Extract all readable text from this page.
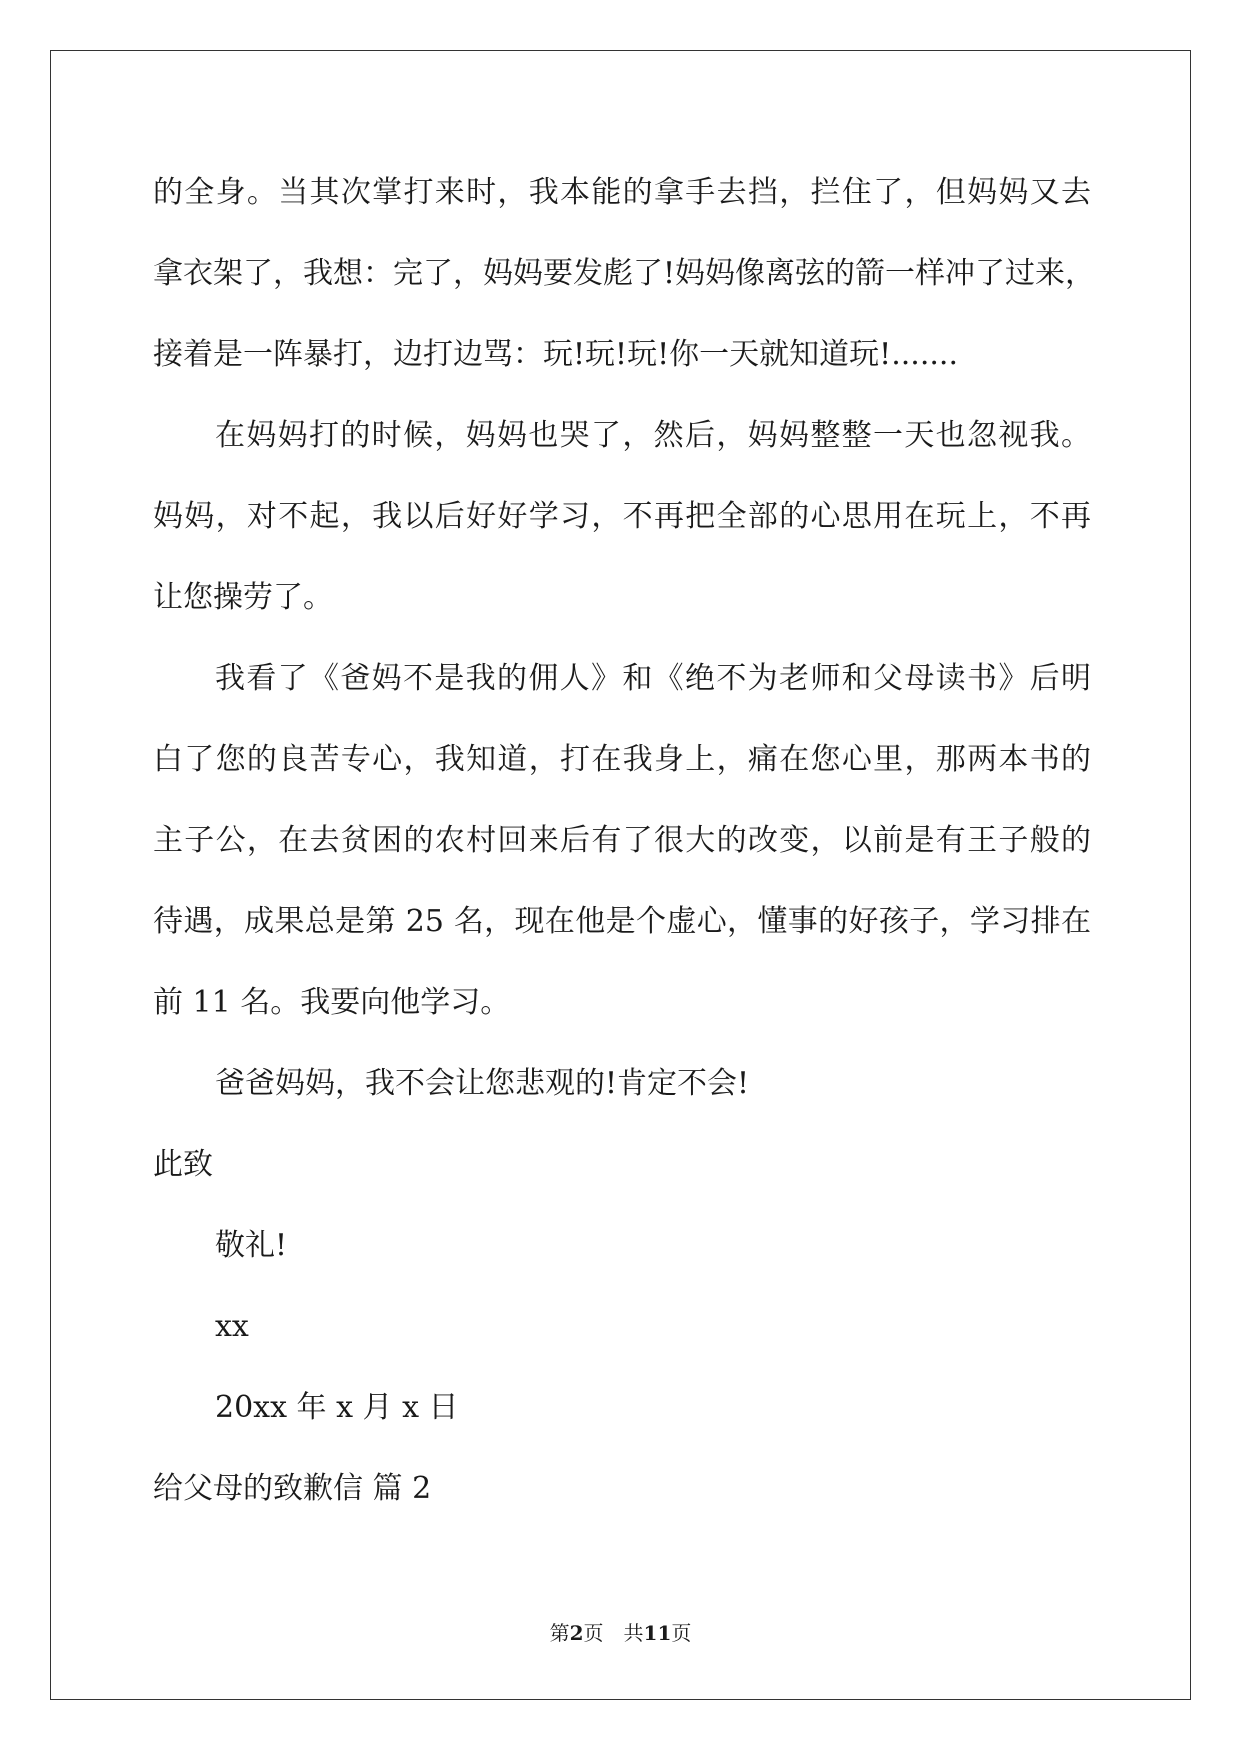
的全身。当其次掌打来时，我本能的拿手去挡，拦住了，但妈妈又去
拿衣架了，我想：完了，妈妈要发彪了!妈妈像离弦的箭一样冲了过来，
接着是一阵暴打，边打边骂：玩!玩!玩!你一天就知道玩!.......
在妈妈打的时候，妈妈也哭了，然后，妈妈整整一天也忽视我。
妈妈，对不起，我以后好好学习，不再把全部的心思用在玩上，不再
让您操劳了。
我看了《爸妈不是我的佣人》和《绝不为老师和父母读书》后明
白了您的良苦专心，我知道，打在我身上，痛在您心里，那两本书的
主子公，在去贫困的农村回来后有了很大的改变，以前是有王子般的
待遇，成果总是第 25 名，现在他是个虚心，懂事的好孩子，学习排在
前 11 名。我要向他学习。
爸爸妈妈，我不会让您悲观的!肯定不会!
此致
敬礼!
xx
20xx 年 x 月 x 日
给父母的致歉信 篇 2
第2页 共11页
